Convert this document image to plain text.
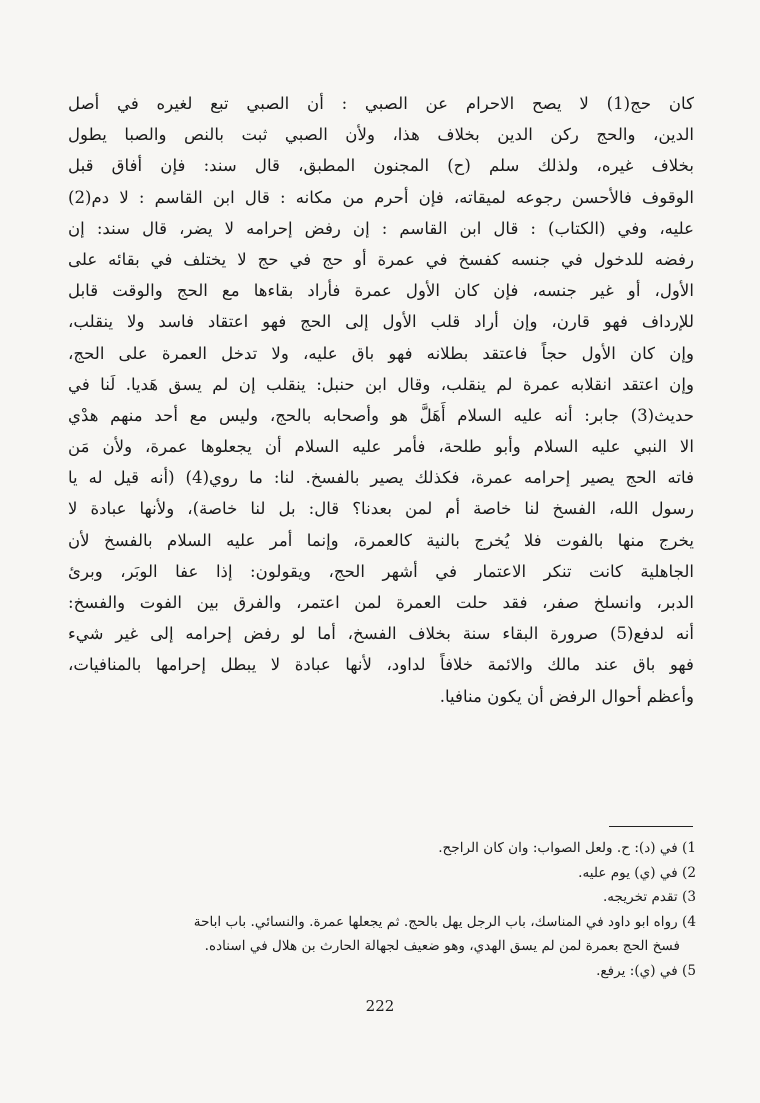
كان حج(1) لا يصح الاحرام عن الصبي : أن الصبي تبع لغيره في أصل
الدين، والحج ركن الدين بخلاف هذا، ولأن الصبي ثبت بالنص والصبا يطول
بخلاف غيره، ولذلك سلم (ح) المجنون المطبق، قال سند: فإن أفاق قبل
الوقوف فالأحسن رجوعه لميقاته، فإن أحرم من مكانه : قال ابن القاسم : لا دم(2)
عليه، وفي (الكتاب) : قال ابن القاسم : إن رفض إحرامه لا يضر، قال سند: إن
رفضه للدخول في جنسه كفسخ في عمرة أو حج في حج لا يختلف في بقائه على
الأول، أو غير جنسه، فإن كان الأول عمرة فأراد بقاءها مع الحج والوقت قابل
للإرداف فهو قارن، وإن أراد قلب الأول إلى الحج فهو اعتقاد فاسد ولا ينقلب،
وإن كان الأول حجاً فاعتقد بطلانه فهو باق عليه، ولا تدخل العمرة على الحج،
وإن اعتقد انقلابه عمرة لم ينقلب، وقال ابن حنبل: ينقلب إن لم يسق هَديا. لَنا في
حديث(3) جابر: أنه عليه السلام أَهَلَّ هو وأصحابه بالحج، وليس مع أحد منهم هدْي
الا النبي عليه السلام وأبو طلحة، فأمر عليه السلام أن يجعلوها عمرة، ولأن مَن
فاته الحج يصير إحرامه عمرة، فكذلك يصير بالفسخ. لنا: ما روي(4) (أنه قيل له يا
رسول الله، الفسخ لنا خاصة أم لمن بعدنا؟ قال: بل لنا خاصة)، ولأنها عبادة لا
يخرج منها بالفوت فلا يُخرج بالنية كالعمرة، وإنما أمر عليه السلام بالفسخ لأن
الجاهلية كانت تنكر الاعتمار في أشهر الحج، ويقولون: إذا عفا الوبَر، وبرئ
الدبر، وانسلخ صفر، فقد حلت العمرة لمن اعتمر، والفرق بين الفوت والفسخ:
أنه لدفع(5) صرورة البقاء سنة بخلاف الفسخ، أما لو رفض إحرامه إلى غير شيء
فهو باق عند مالك والائمة خلافاً لداود، لأنها عبادة لا يبطل إحرامها بالمنافيات،
وأعظم أحوال الرفض أن يكون منافيا.
1) في (د): ح. ولعل الصواب: وان كان الراجح.
2) في (ي) يوم عليه.
3) تقدم تخريجه.
4) رواه ابو داود في المناسك، باب الرجل يهل بالحج. ثم يجعلها عمرة. والنسائي. باب اباحة
فسخ الحج بعمرة لمن لم يسق الهدي، وهو ضعيف لجهالة الحارث بن هلال في اسناده.
5) في (ي): يرفع.
222
